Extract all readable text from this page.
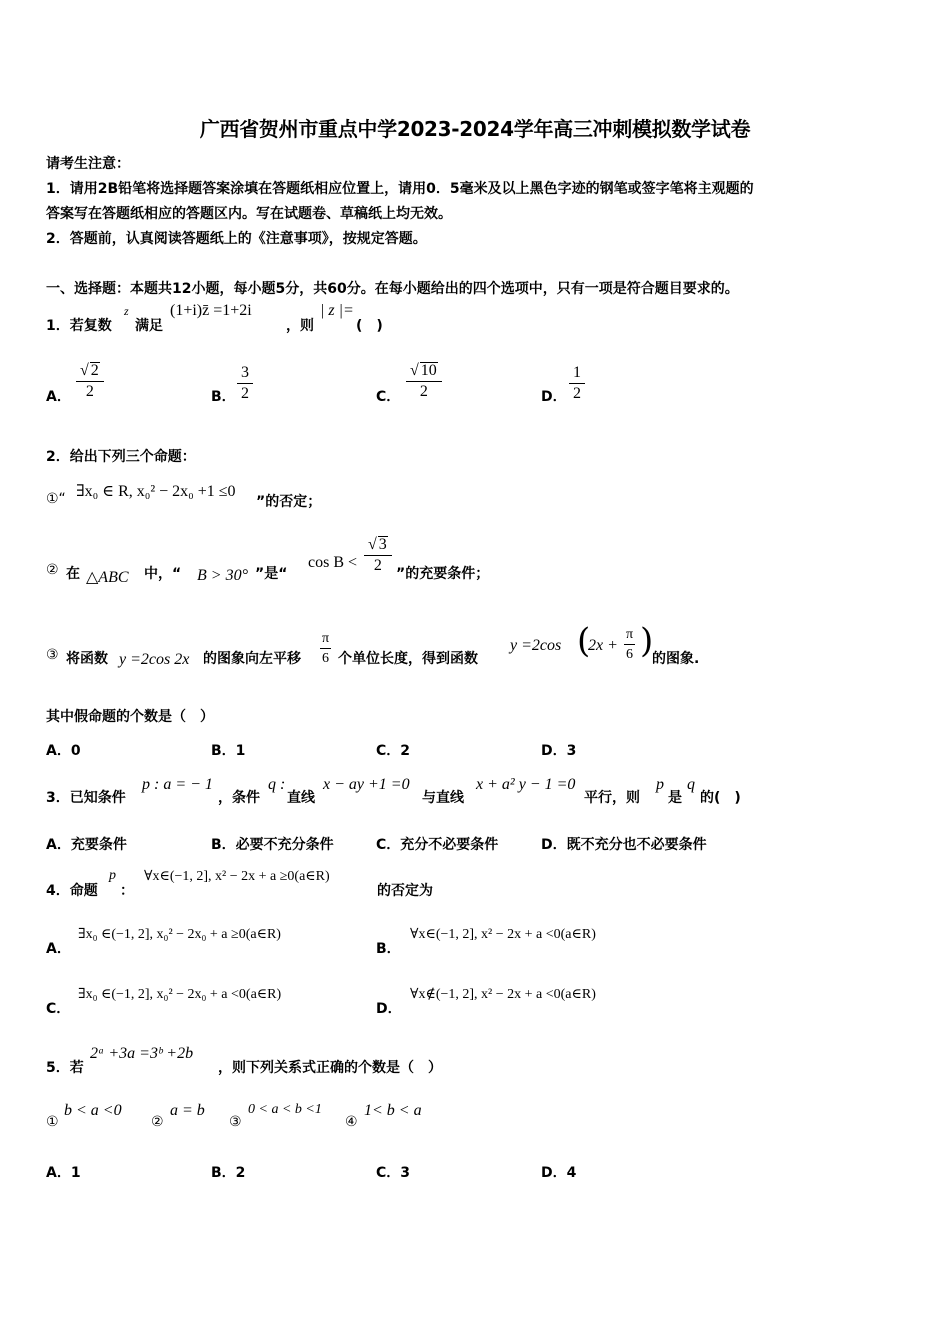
广西省贺州市重点中学2023-2024学年高三冲刺模拟数学试卷
请考生注意：
1．请用2B铅笔将选择题答案涂填在答题纸相应位置上，请用0．5毫米及以上黑色字迹的钢笔或签字笔将主观题的
答案写在答题纸相应的答题区内。写在试题卷、草稿纸上均无效。
2．答题前，认真阅读答题纸上的《注意事项》，按规定答题。
一、选择题：本题共12小题，每小题5分，共60分。在每小题给出的四个选项中，只有一项是符合题目要求的。
1．若复数
z
满足
(1+i)z̄ =1+2i
，则
| z |=
(　)
A． $\frac{√ 2}{2}$	B． $\frac{3}{2}$	C． $\frac{√ 10}{2}$	D． $\frac{1}{2}$
2．给出下列三个命题：
①“ ∃x₀ ∈ R, x₀² − 2x₀ +1 ≤0
”的否定；
② 在 △ABC 中，“ B > 30° ”是“
$\cos B < \frac{√ 3}{2}$ ”的充要条件；
③ 将函数 y =2cos 2x 的图象向左平移 $\frac{\pi}{6}$ 个单位长度，得到函数
y =2cos (
$2x + \frac{\pi}{6}$ )
的图象.
其中假命题的个数是（　）
A．0	B．1	C．2	D．3
3．已知条件
p : a = − 1
，条件
q :
直线
x − ay +1 =0
与直线
x + a² y − 1 =0
平行，则
p
是
q
的(　)
A．充要条件	B．必要不充分条件	C．充分不必要条件	D．既不充分也不必要条件
4．命题
p
：
∀x∈(−1, 2], x² − 2x + a ≥0(a∈R)
的否定为
A．
∃x₀ ∈(−1, 2], x₀² − 2x₀ + a ≥0(a∈R)
B．
∀x∈(−1, 2], x² − 2x + a <0(a∈R)
C．
∃x₀ ∈(−1, 2], x₀² − 2x₀ + a <0(a∈R)
D．
∀x∉(−1, 2], x² − 2x + a <0(a∈R)
5．若
2ᵃ +3a =3ᵇ +2b
，则下列关系式正确的个数是（　）
①
b < a <0
②
a = b
③
0 < a < b <1
④
1< b < a
A．1	B．2	C．3	D．4
